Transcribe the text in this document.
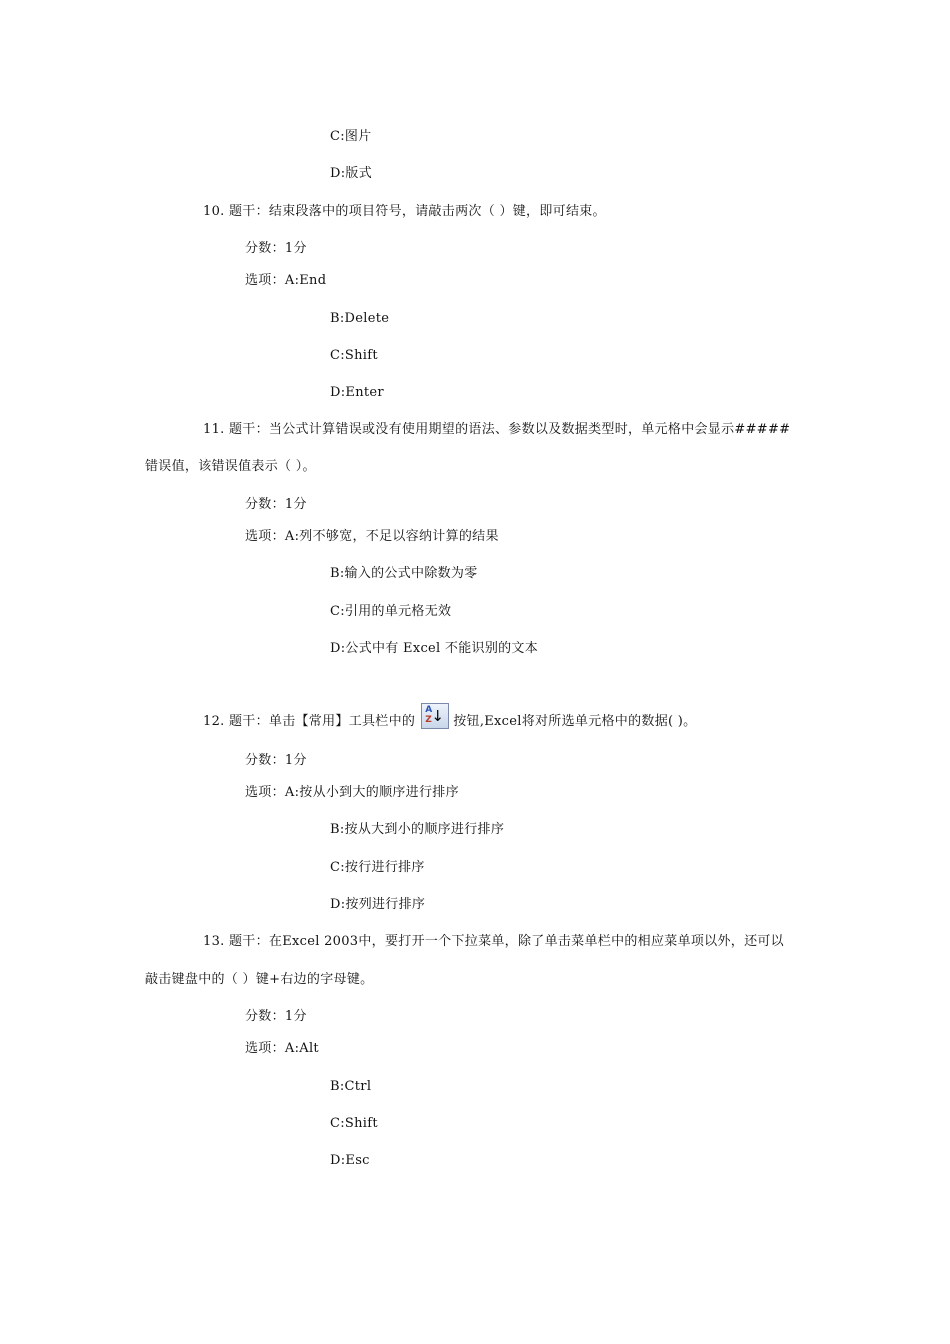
C:图片
D:版式
10. 题干：结束段落中的项目符号，请敲击两次（ ）键，即可结束。
分数：1分
选项：A:End
B:Delete
C:Shift
D:Enter
11. 题干：当公式计算错误或没有使用期望的语法、参数以及数据类型时，单元格中会显示#####
错误值，该错误值表示（ ）。
分数：1分
选项：A:列不够宽，不足以容纳计算的结果
B:输入的公式中除数为零
C:引用的单元格无效
D:公式中有 Excel 不能识别的文本
12. 题干：单击【常用】工具栏中的
A
Z ↓ 按钮,Excel将对所选单元格中的数据( )。
分数：1分
选项：A:按从小到大的顺序进行排序
B:按从大到小的顺序进行排序
C:按行进行排序
D:按列进行排序
13. 题干：在Excel 2003中，要打开一个下拉菜单，除了单击菜单栏中的相应菜单项以外，还可以
敲击键盘中的（ ）键+右边的字母键。
分数：1分
选项：A:Alt
B:Ctrl
C:Shift
D:Esc
